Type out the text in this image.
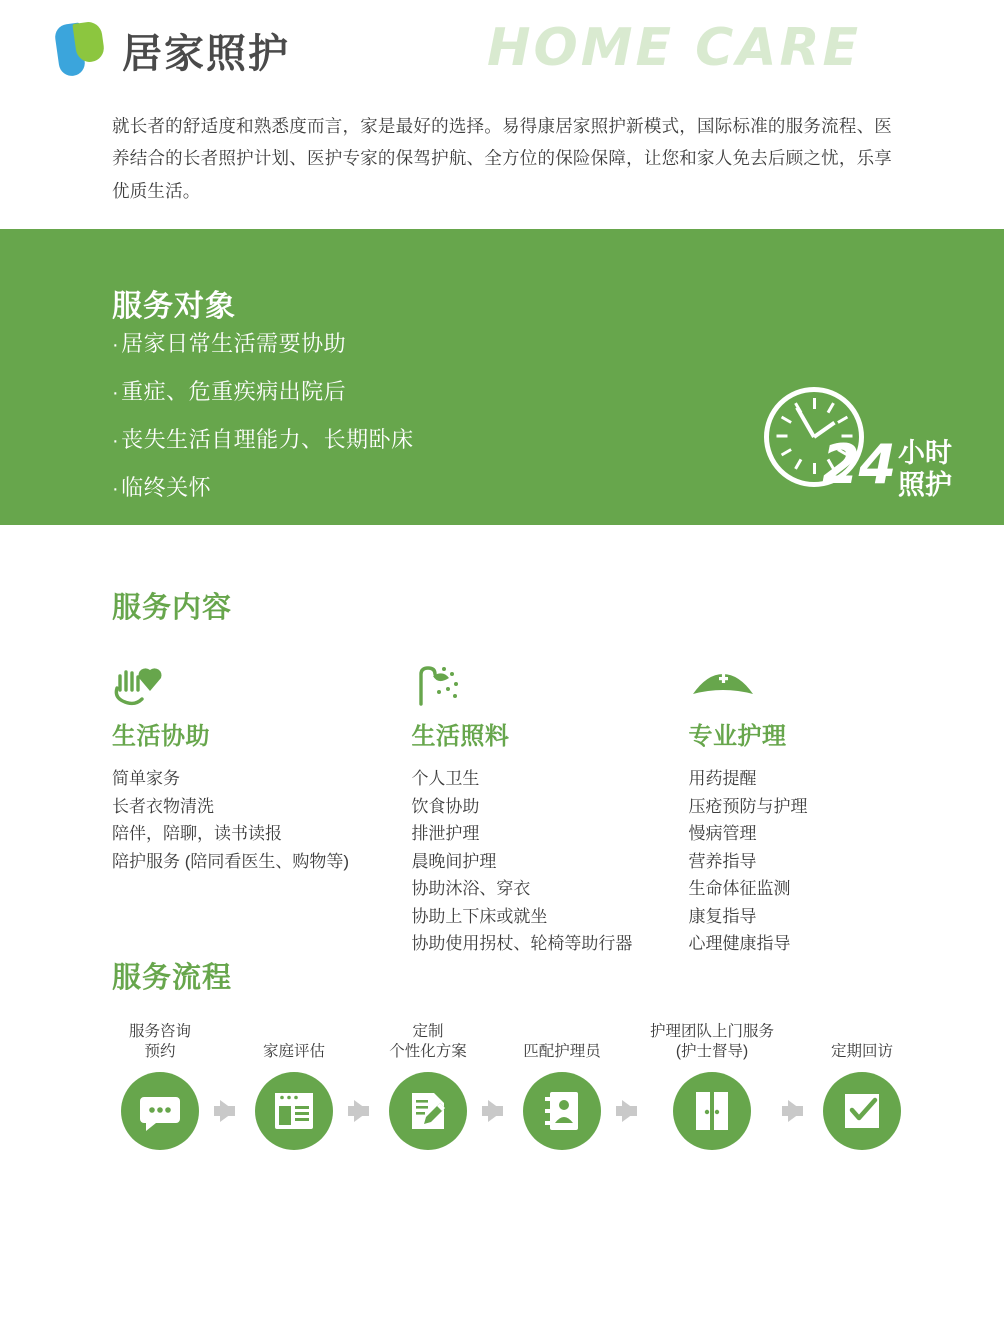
居家照护	HOME CARE
就长者的舒适度和熟悉度而言，家是最好的选择。易得康居家照护新模式，国际标准的服务流程、医养结合的长者照护计划、医护专家的保驾护航、全方位的保险保障，让您和家人免去后顾之忧，乐享优质生活。
服务对象
·居家日常生活需要协助
·重症、危重疾病出院后
·丧失生活自理能力、长期卧床
·临终关怀	24 小时
照护
服务内容
生活协助
简单家务
长者衣物清洗
陪伴，陪聊，读书读报
陪护服务 (陪同看医生、购物等)
生活照料
个人卫生
饮食协助
排泄护理
晨晚间护理
协助沐浴、穿衣
协助上下床或就坐
协助使用拐杖、轮椅等助行器
专业护理
用药提醒
压疮预防与护理
慢病管理
营养指导
生命体征监测
康复指导
心理健康指导
服务流程
服务咨询
预约	家庭评估
定制
个性化方案	匹配护理员
护理团队上门服务
(护士督导)	定期回访
